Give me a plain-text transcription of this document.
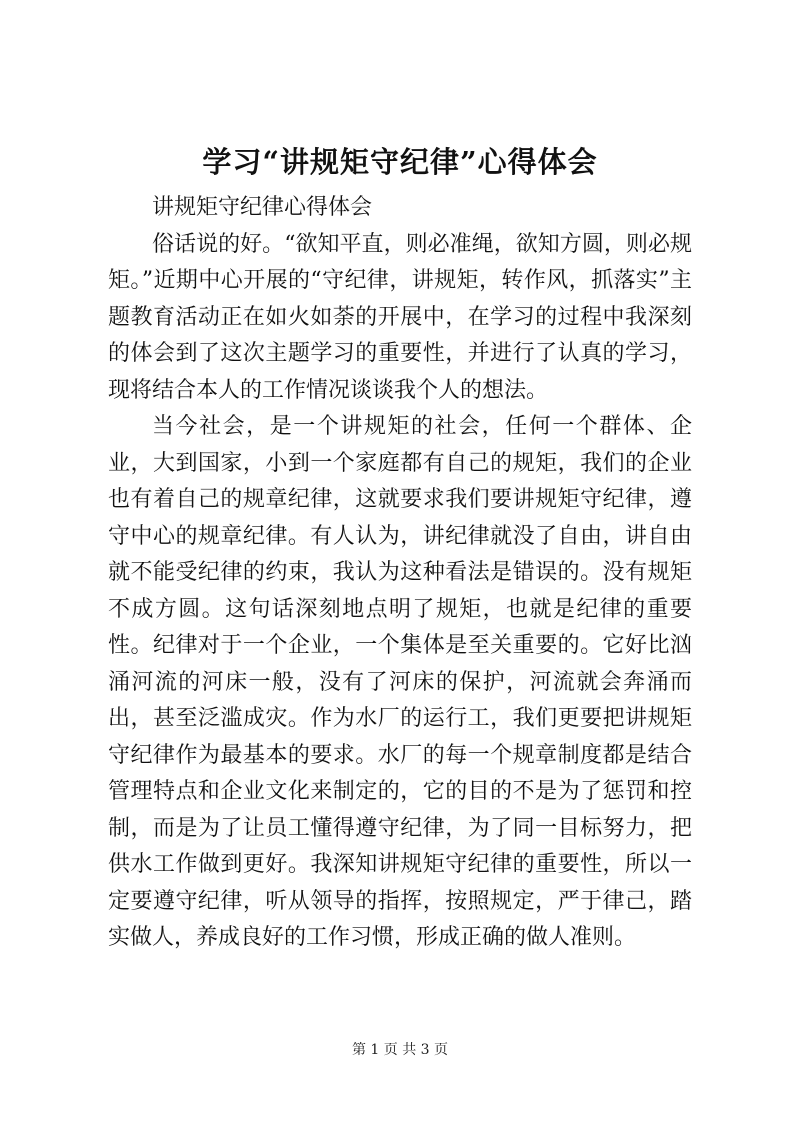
学习“讲规矩守纪律”心得体会

讲规矩守纪律心得体会

俗话说的好。“欲知平直，则必准绳，欲知方圆，则必规矩。”近期中心开展的“守纪律，讲规矩，转作风，抓落实”主题教育活动正在如火如荼的开展中，在学习的过程中我深刻的体会到了这次主题学习的重要性，并进行了认真的学习，现将结合本人的工作情况谈谈我个人的想法。

当今社会，是一个讲规矩的社会，任何一个群体、企业，大到国家，小到一个家庭都有自己的规矩，我们的企业也有着自己的规章纪律，这就要求我们要讲规矩守纪律，遵守中心的规章纪律。有人认为，讲纪律就没了自由，讲自由就不能受纪律的约束，我认为这种看法是错误的。没有规矩不成方圆。这句话深刻地点明了规矩，也就是纪律的重要性。纪律对于一个企业，一个集体是至关重要的。它好比汹涌河流的河床一般，没有了河床的保护，河流就会奔涌而出，甚至泛滥成灾。作为水厂的运行工，我们更要把讲规矩守纪律作为最基本的要求。水厂的每一个规章制度都是结合管理特点和企业文化来制定的，它的目的不是为了惩罚和控制，而是为了让员工懂得遵守纪律，为了同一目标努力，把供水工作做到更好。我深知讲规矩守纪律的重要性，所以一定要遵守纪律，听从领导的指挥，按照规定，严于律己，踏实做人，养成良好的工作习惯，形成正确的做人准则。

第 1 页 共 3 页
